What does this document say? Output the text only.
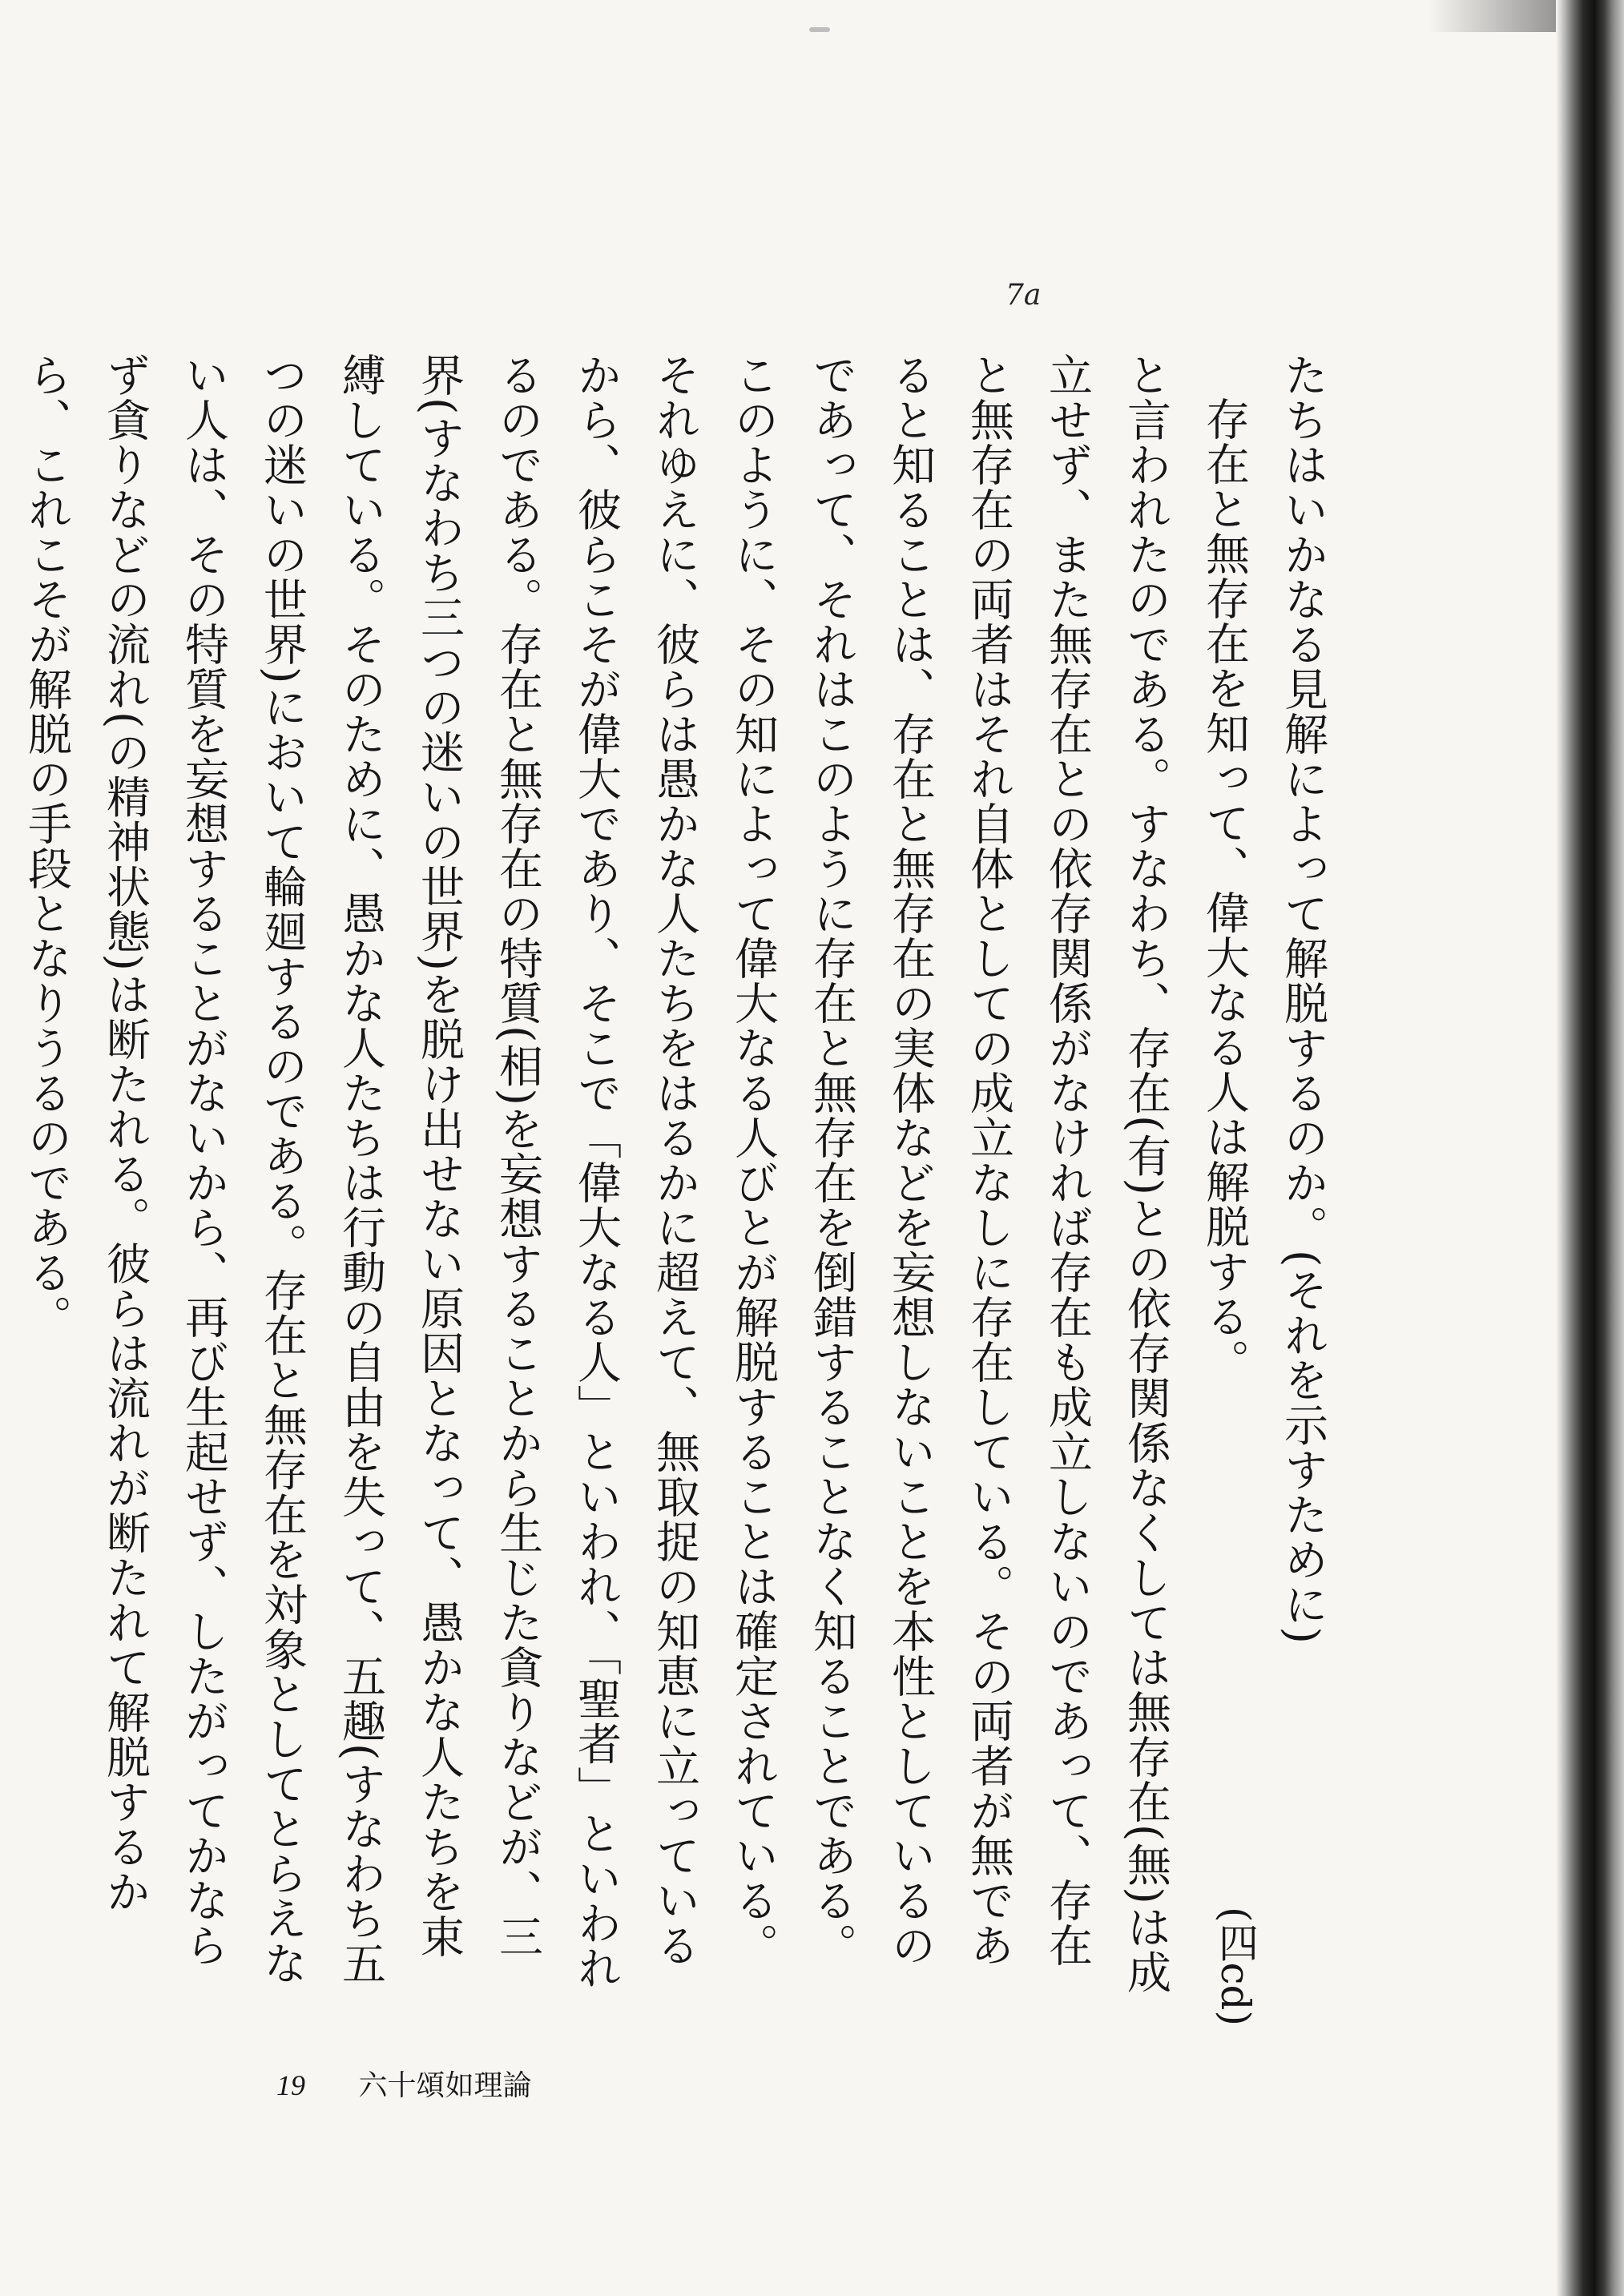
7a

たちはいかなる見解によって解脱するのか。(それを示すために)

存在と無存在を知って、偉大なる人は解脱する。

と言われたのである。すなわち、存在(有)との依存関係なくしては無存在(無)は成立せず、また無存在との依存関係がなければ存在も成立しないのであって、存在と無存在の両者はそれ自体としての成立なしに存在している。その両者が無であると知ることは、存在と無存在の実体などを妄想しないことを本性としているのであって、それはこのように存在と無存在を倒錯することなく知ることである。このように、その知によって偉大なる人びとが解脱することは確定されている。それゆえに、彼らは愚かな人たちをはるかに超えて、無取捉の知恵に立っているから、彼らこそが偉大であり、そこで「偉大なる人」といわれ、「聖者」といわれるのである。存在と無存在の特質(相)を妄想することから生じた貪りなどが、三界(すなわち三つの迷いの世界)を脱け出せない原因となって、愚かな人たちを束縛している。そのために、愚かな人たちは行動の自由を失って、五趣(すなわち五つの迷いの世界)において輪廻するのである。存在と無存在を対象としてとらえない人は、その特質を妄想することがないから、再び生起せず、したがってかならず貪りなどの流れ(の精神状態)は断たれる。彼らは流れが断たれて解脱するから、これこそが解脱の手段となりうるのである。

(四cd)
19 六十頌如理論
